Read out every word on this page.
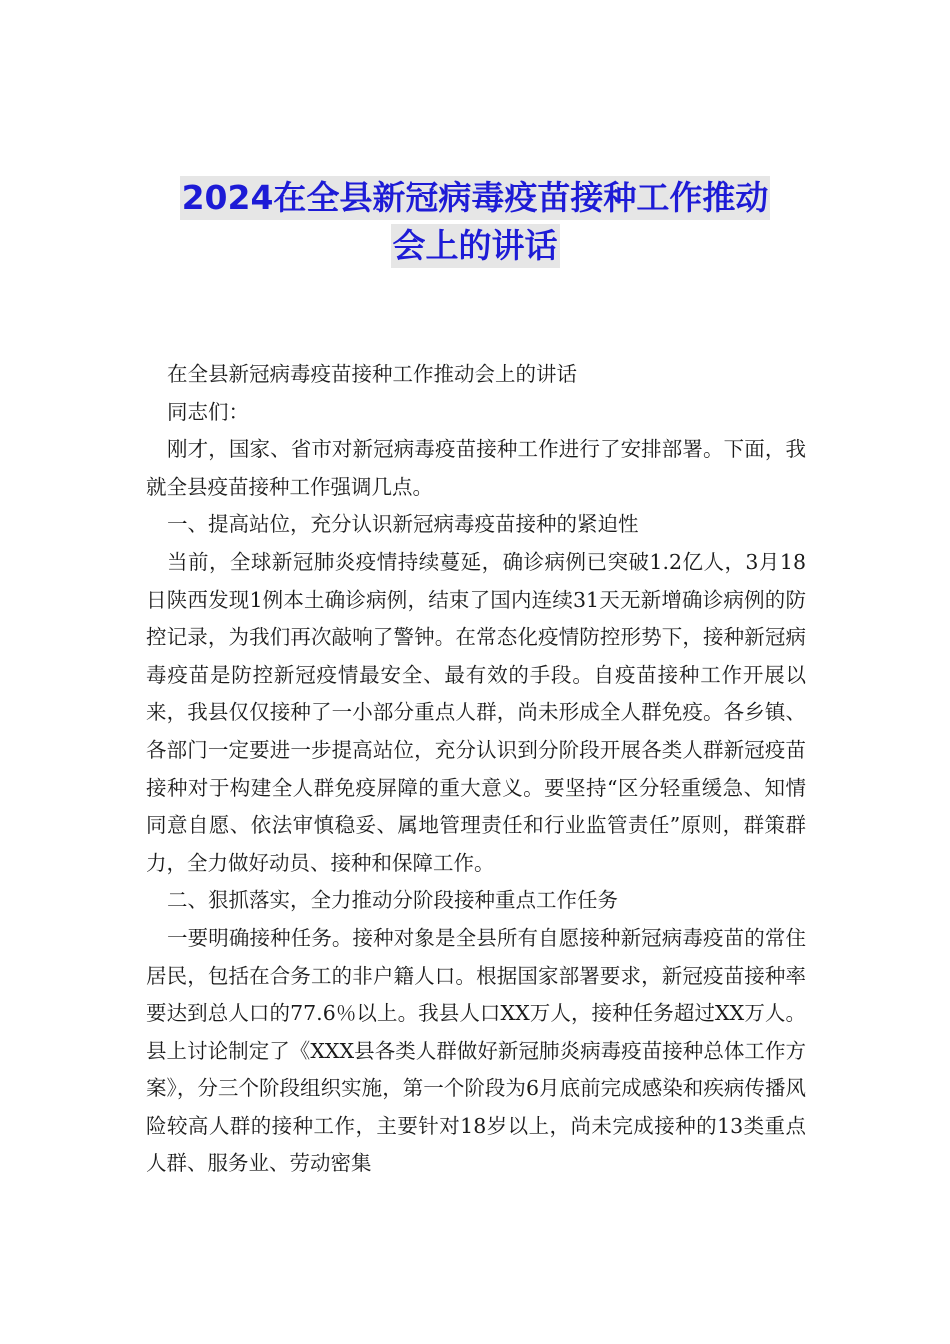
2024在全县新冠病毒疫苗接种工作推动
会上的讲话

在全县新冠病毒疫苗接种工作推动会上的讲话

同志们：

刚才，国家、省市对新冠病毒疫苗接种工作进行了安排部署。下面，我就全县疫苗接种工作强调几点。

一、提高站位，充分认识新冠病毒疫苗接种的紧迫性

当前，全球新冠肺炎疫情持续蔓延，确诊病例已突破1.2亿人，3月18日陕西发现1例本土确诊病例，结束了国内连续31天无新增确诊病例的防控记录，为我们再次敲响了警钟。在常态化疫情防控形势下，接种新冠病毒疫苗是防控新冠疫情最安全、最有效的手段。自疫苗接种工作开展以来，我县仅仅接种了一小部分重点人群，尚未形成全人群免疫。各乡镇、各部门一定要进一步提高站位，充分认识到分阶段开展各类人群新冠疫苗接种对于构建全人群免疫屏障的重大意义。要坚持“区分轻重缓急、知情同意自愿、依法审慎稳妥、属地管理责任和行业监管责任”原则，群策群力，全力做好动员、接种和保障工作。

二、狠抓落实，全力推动分阶段接种重点工作任务

一要明确接种任务。接种对象是全县所有自愿接种新冠病毒疫苗的常住居民，包括在合务工的非户籍人口。根据国家部署要求，新冠疫苗接种率要达到总人口的77.6％以上。我县人口XX万人，接种任务超过XX万人。县上讨论制定了《XXX县各类人群做好新冠肺炎病毒疫苗接种总体工作方案》，分三个阶段组织实施，第一个阶段为6月底前完成感染和疾病传播风险较高人群的接种工作，主要针对18岁以上，尚未完成接种的13类重点人群、服务业、劳动密集
